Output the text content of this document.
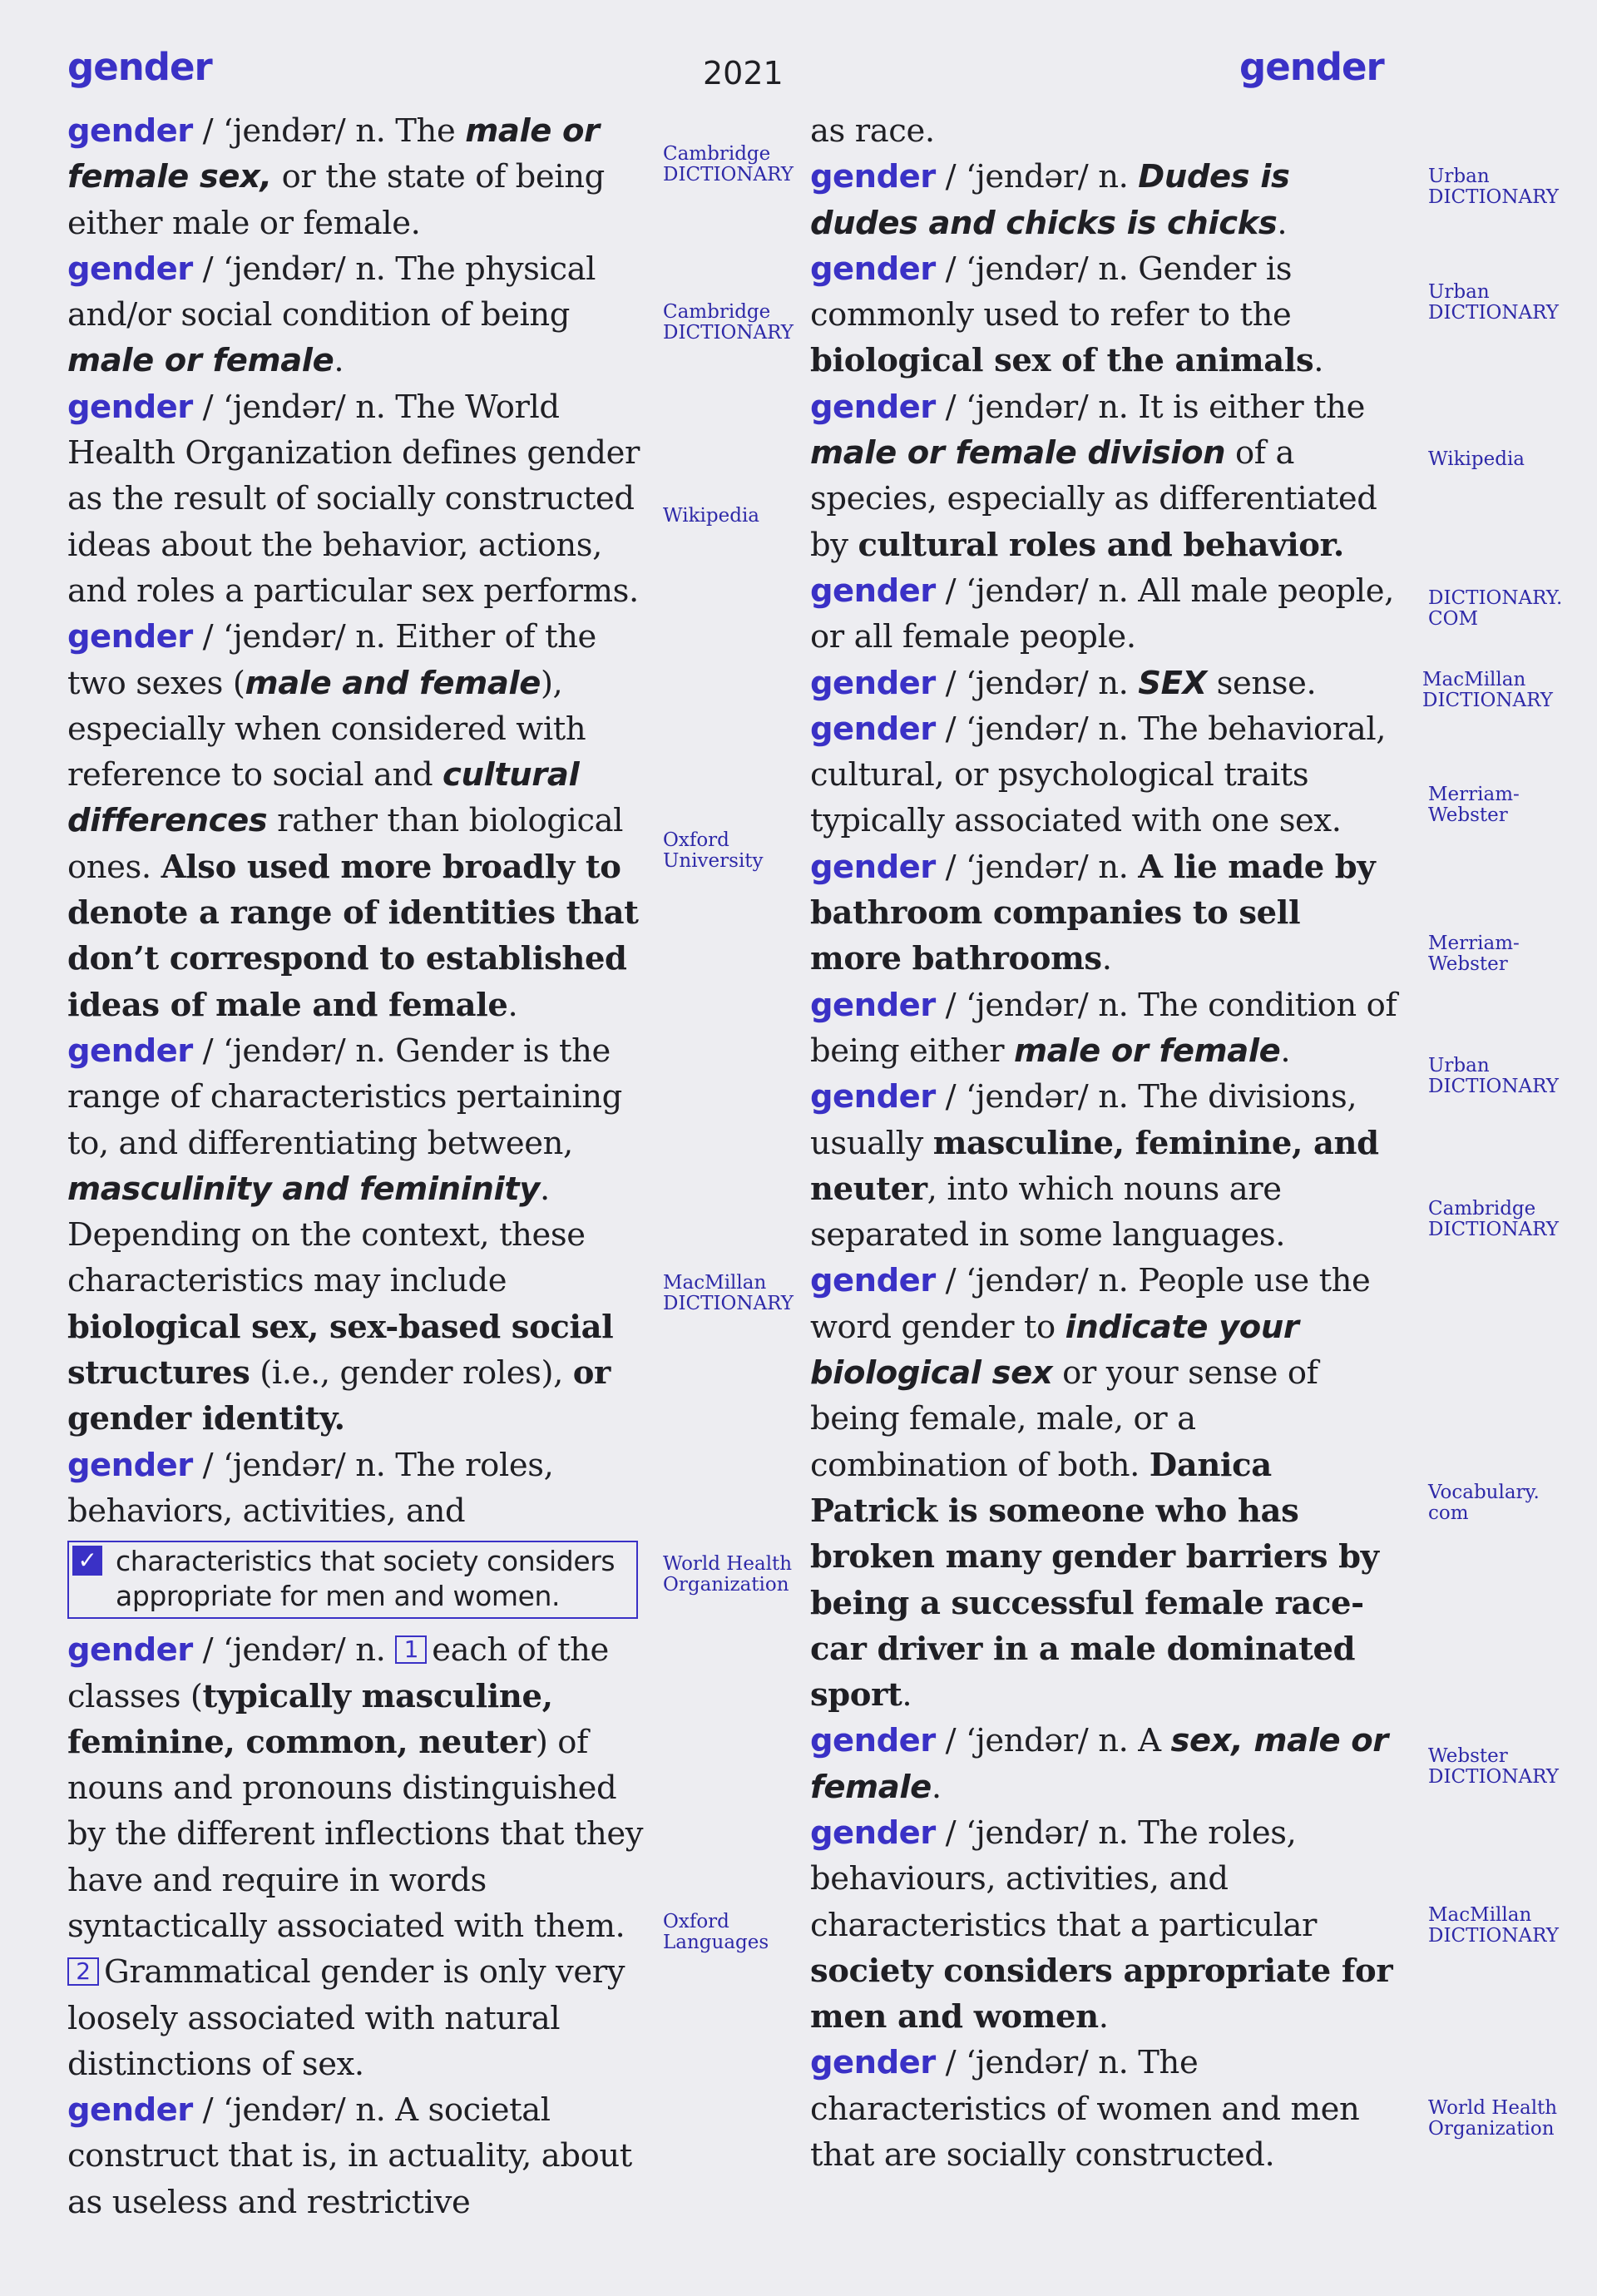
gender	2021	gender

gender / ‘jendər/ n. The male or female sex, or the state of being either male or female.

gender / ‘jendər/ n. The physical and/or social condition of being male or female.

gender / ‘jendər/ n. The World Health Organization defines gender as the result of socially constructed ideas about the behavior, actions, and roles a particular sex performs.

gender / ‘jendər/ n. Either of the two sexes (male and female), especially when considered with reference to social and cultural differences rather than biological ones. Also used more broadly to denote a range of identities that don’t correspond to established ideas of male and female.

gender / ‘jendər/ n. Gender is the range of characteristics pertaining to, and differentiating between, masculinity and femininity. Depending on the context, these characteristics may include biological sex, sex-based social structures (i.e., gender roles), or gender identity.

gender / ‘jendər/ n. The roles, behaviors, activities, and

✓ characteristics that society considers appropriate for men and women.

gender / ‘jendər/ n. 1 each of the classes (typically masculine, feminine, common, neuter) of nouns and pronouns distinguished by the different inflections that they have and require in words syntactically associated with them. 2 Grammatical gender is only very loosely associated with natural distinctions of sex.

gender / ‘jendər/ n. A societal construct that is, in actuality, about as useless and restrictive

as race.

gender / ‘jendər/ n. Dudes is dudes and chicks is chicks.

gender / ‘jendər/ n. Gender is commonly used to refer to the biological sex of the animals.

gender / ‘jendər/ n. It is either the male or female division of a species, especially as differentiated by cultural roles and behavior.

gender / ‘jendər/ n. All male people, or all female people.

gender / ‘jendər/ n. SEX sense.

gender / ‘jendər/ n. The behavioral, cultural, or psychological traits typically associated with one sex.

gender / ‘jendər/ n. A lie made by bathroom companies to sell more bathrooms.

gender / ‘jendər/ n. The condition of being either male or female.

gender / ‘jendər/ n. The divisions, usually masculine, feminine, and neuter, into which nouns are separated in some languages.

gender / ‘jendər/ n. People use the word gender to indicate your biological sex or your sense of being female, male, or a combination of both. Danica Patrick is someone who has broken many gender barriers by being a successful female race-car driver in a male dominated sport.

gender / ‘jendər/ n. A sex, male or female.

gender / ‘jendər/ n. The roles, behaviours, activities, and characteristics that a particular society considers appropriate for men and women.

gender / ‘jendər/ n. The characteristics of women and men that are socially constructed.

Cambridge
DICTIONARY
Cambridge
DICTIONARY
Wikipedia
Oxford
University
MacMillan
DICTIONARY
World Health
Organization
Oxford
Languages
Urban
DICTIONARY
Urban
DICTIONARY
Wikipedia
DICTIONARY.
COM
MacMillan
DICTIONARY
Merriam-
Webster
Merriam-
Webster
Urban
DICTIONARY
Cambridge
DICTIONARY
Vocabulary.
com
Webster
DICTIONARY
MacMillan
DICTIONARY
World Health
Organization
